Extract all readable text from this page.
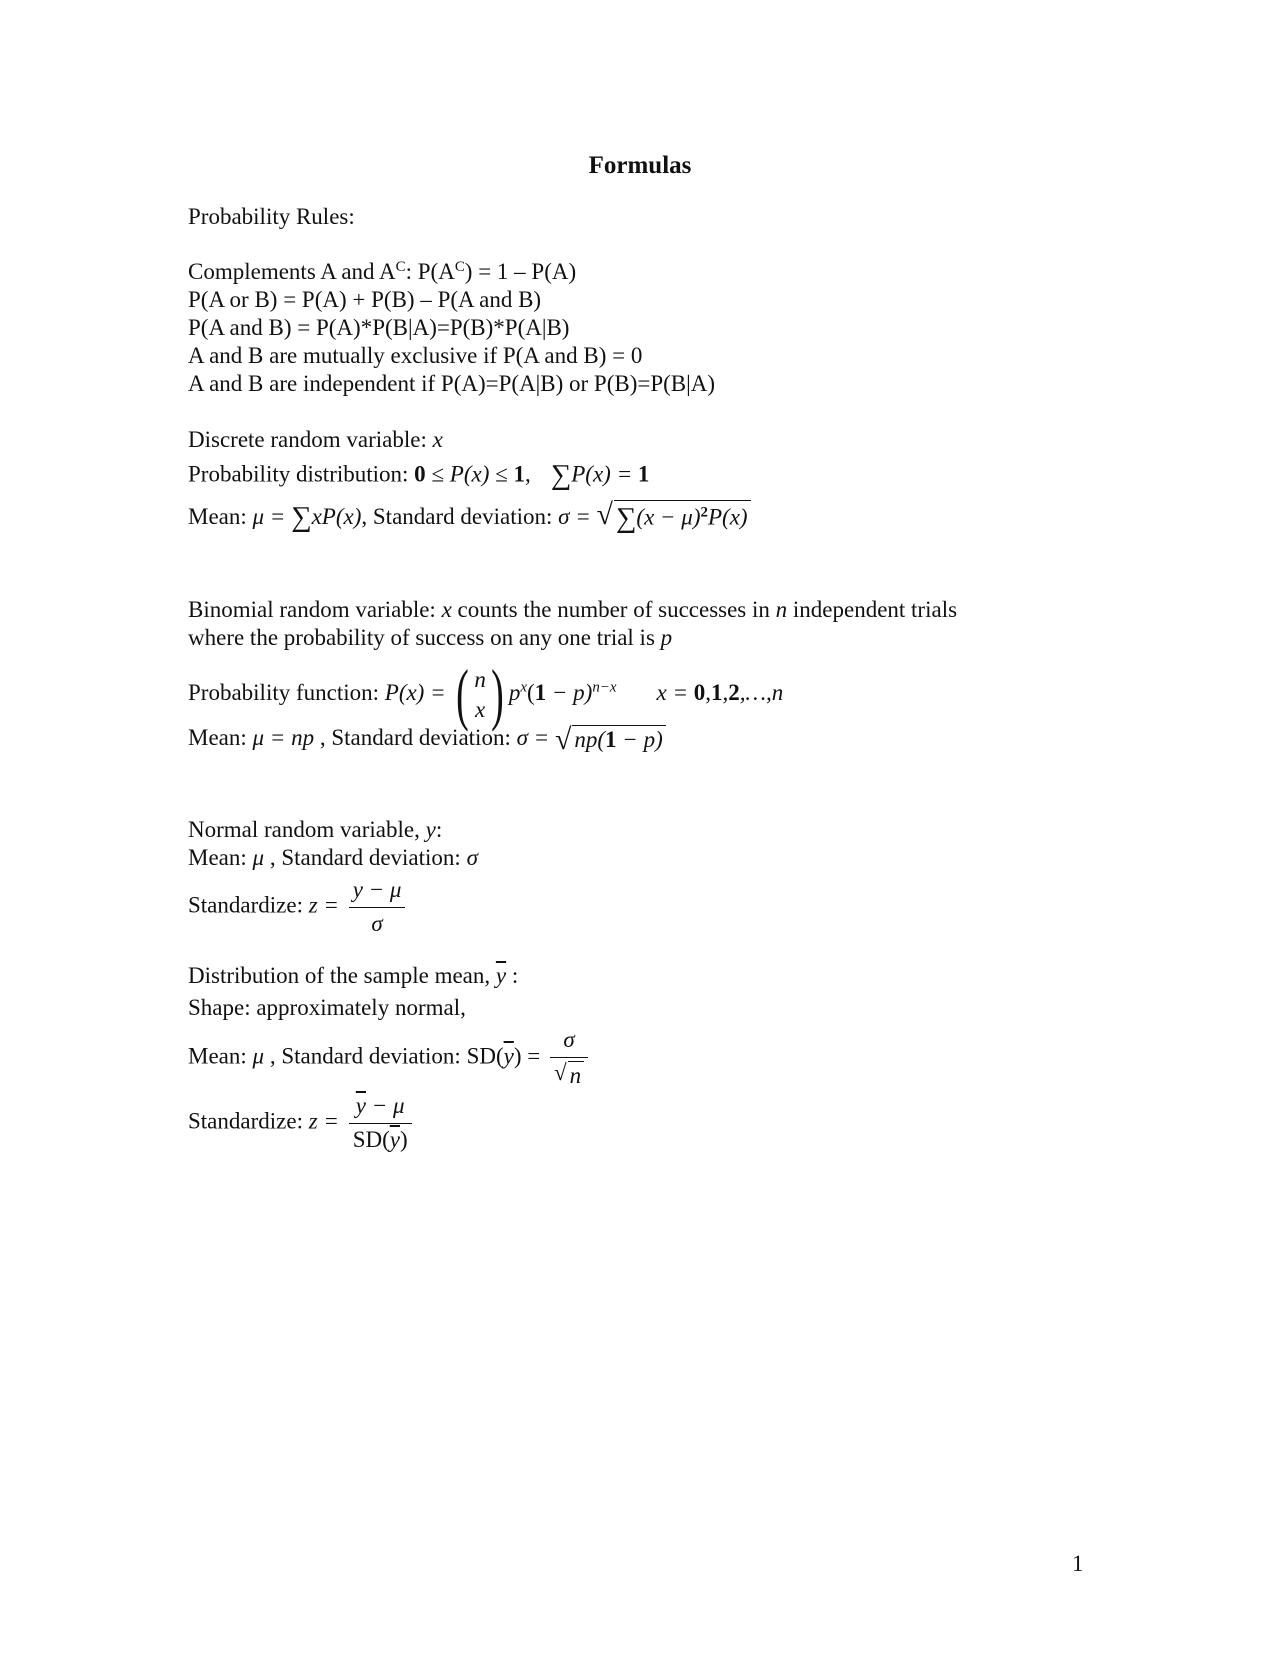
Formulas

Probability Rules:

Complements A and $A^C$: $P(A^C) = 1 - P(A)$

P(A or B) = P(A) + P(B) – P(A and B)

P(A and B) = P(A)*P(B|A)=P(B)*P(A|B)

A and B are mutually exclusive if P(A and B) = 0

A and B are independent if P(A)=P(A|B) or P(B)=P(B|A)

Discrete random variable: x

Probability distribution: 0 ≤ P(x) ≤ 1, ∑P(x) = 1

Mean: μ = ∑xP(x), Standard deviation: σ = √ $\sum(x - \mu)^2P(x)$

Binomial random variable: x counts the number of successes in n independent trials

where the probability of success on any one trial is p

Probability function: P(x) = ( n
x ) $p^x(1 - p)^{n-x}$ x = 0,1,2,…,n

Mean: μ = np , Standard deviation: σ = √ np(1 − p)

Normal random variable, y:

Mean: μ , Standard deviation: σ

Standardize: $z = \frac{y - \mu}{\sigma}$

Distribution of the sample mean, $\overline{y}$ :

Shape: approximately normal,

Mean: μ , Standard deviation: $SD(\overline{y}) = \frac{\sigma}{√ n}$

Standardize: $z = \frac{\overline{y} - \mu}{SD(\overline{y})}$

1
